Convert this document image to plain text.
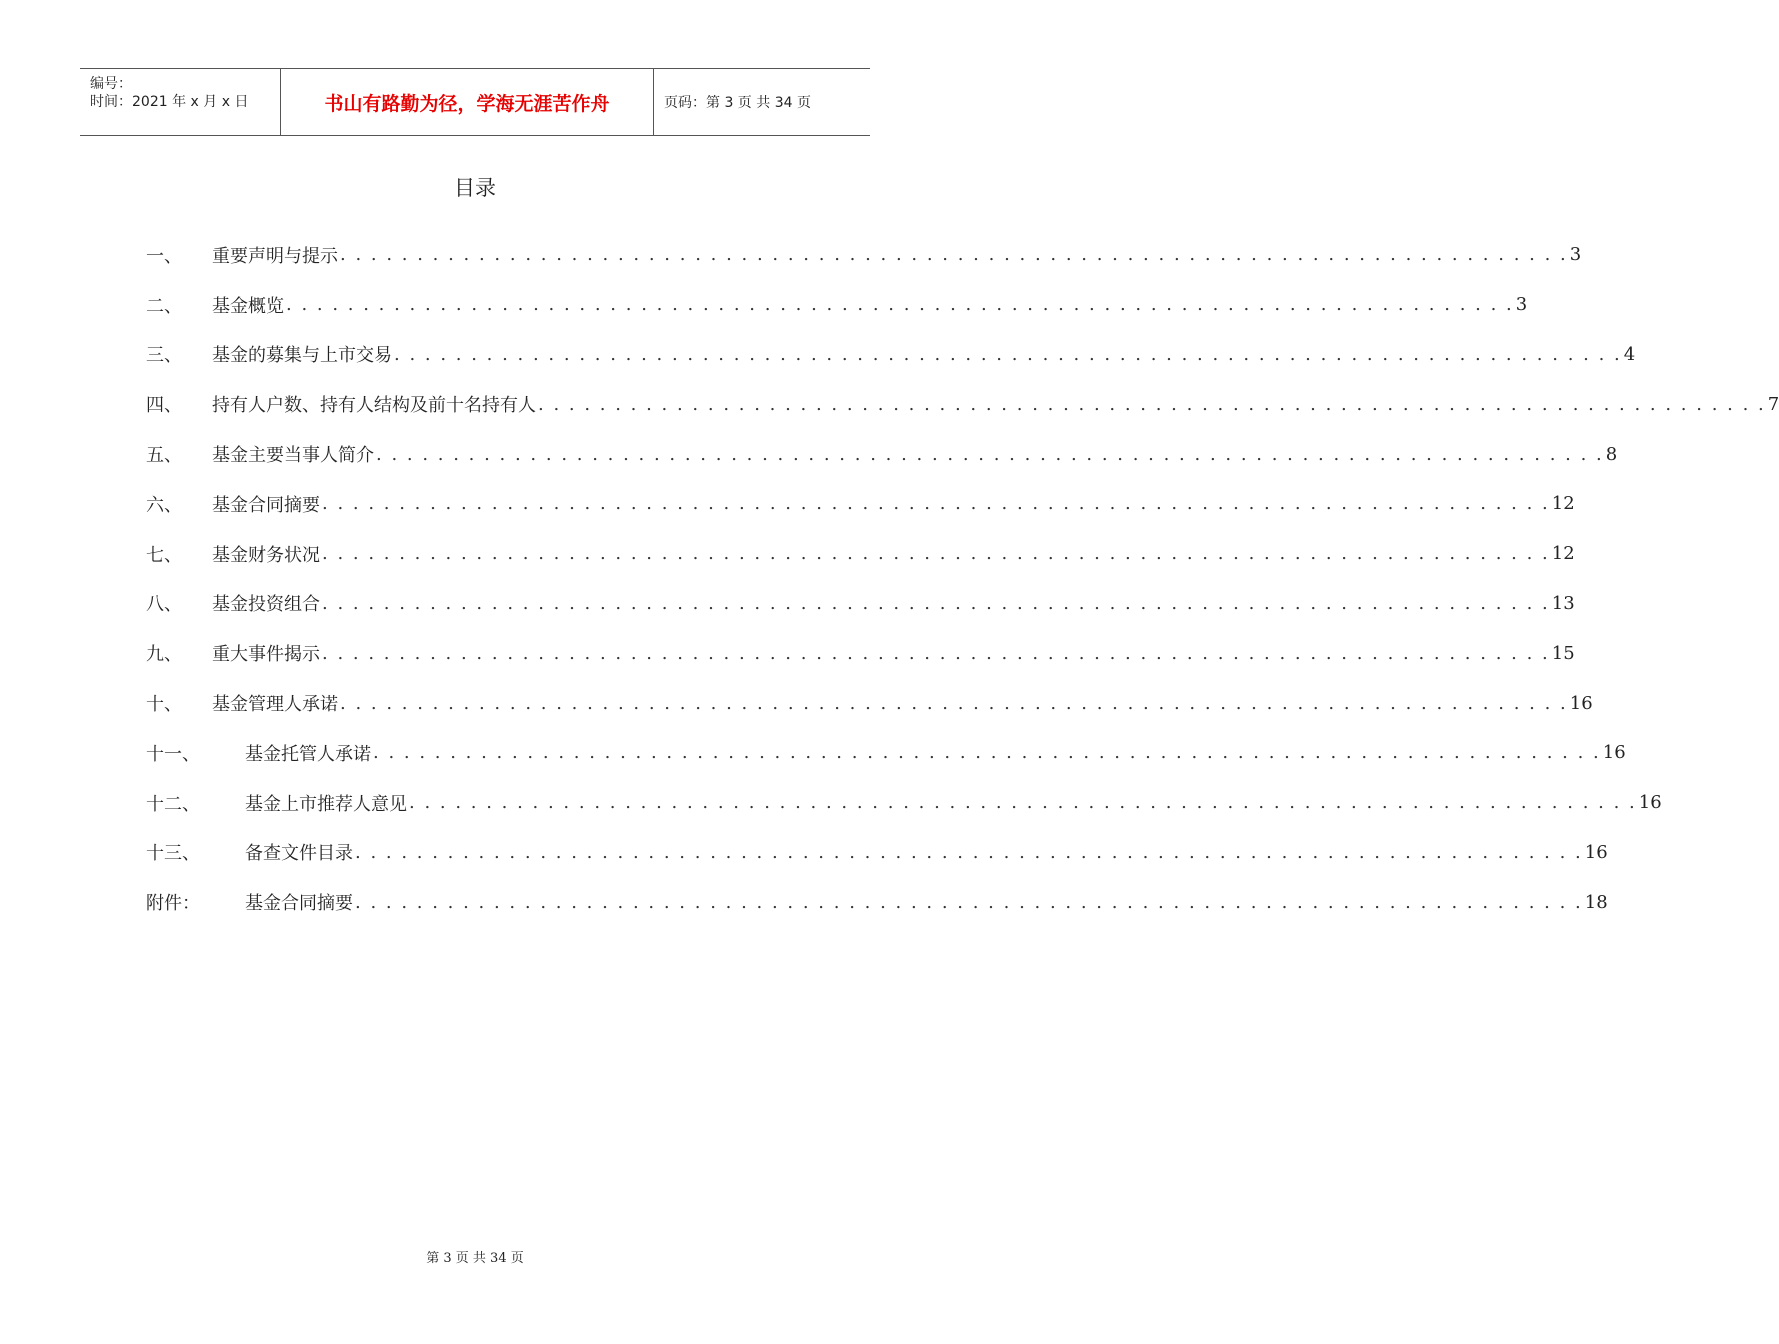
编号：
时间：2021 年 x 月 x 日	书山有路勤为径，学海无涯苦作舟	页码：第 3 页 共 34 页
目录
一、	重要声明与提示 . . . . . . . . . . . . . . . . . . . . . . . . . . . . . . . . . . . . . . . . . . . . . . . . . . . . . . . . . . . . . . . . . . . . . . . . . . . . . . . . 3
二、	基金概览 . . . . . . . . . . . . . . . . . . . . . . . . . . . . . . . . . . . . . . . . . . . . . . . . . . . . . . . . . . . . . . . . . . . . . . . . . . . . . . . . 3
三、	基金的募集与上市交易 . . . . . . . . . . . . . . . . . . . . . . . . . . . . . . . . . . . . . . . . . . . . . . . . . . . . . . . . . . . . . . . . . . . . . . . . . . . . . . . . 4
四、	持有人户数、持有人结构及前十名持有人 . . . . . . . . . . . . . . . . . . . . . . . . . . . . . . . . . . . . . . . . . . . . . . . . . . . . . . . . . . . . . . . . . . . . . . . . . . . . . . . . 7
五、	基金主要当事人简介 . . . . . . . . . . . . . . . . . . . . . . . . . . . . . . . . . . . . . . . . . . . . . . . . . . . . . . . . . . . . . . . . . . . . . . . . . . . . . . . . 8
六、	基金合同摘要 . . . . . . . . . . . . . . . . . . . . . . . . . . . . . . . . . . . . . . . . . . . . . . . . . . . . . . . . . . . . . . . . . . . . . . . . . . . . . . . . 12
七、	基金财务状况 . . . . . . . . . . . . . . . . . . . . . . . . . . . . . . . . . . . . . . . . . . . . . . . . . . . . . . . . . . . . . . . . . . . . . . . . . . . . . . . . 12
八、	基金投资组合 . . . . . . . . . . . . . . . . . . . . . . . . . . . . . . . . . . . . . . . . . . . . . . . . . . . . . . . . . . . . . . . . . . . . . . . . . . . . . . . . 13
九、	重大事件揭示 . . . . . . . . . . . . . . . . . . . . . . . . . . . . . . . . . . . . . . . . . . . . . . . . . . . . . . . . . . . . . . . . . . . . . . . . . . . . . . . . 15
十、	基金管理人承诺 . . . . . . . . . . . . . . . . . . . . . . . . . . . . . . . . . . . . . . . . . . . . . . . . . . . . . . . . . . . . . . . . . . . . . . . . . . . . . . . . 16
十一、	基金托管人承诺 . . . . . . . . . . . . . . . . . . . . . . . . . . . . . . . . . . . . . . . . . . . . . . . . . . . . . . . . . . . . . . . . . . . . . . . . . . . . . . . . 16
十二、	基金上市推荐人意见 . . . . . . . . . . . . . . . . . . . . . . . . . . . . . . . . . . . . . . . . . . . . . . . . . . . . . . . . . . . . . . . . . . . . . . . . . . . . . . . . 16
十三、	备查文件目录 . . . . . . . . . . . . . . . . . . . . . . . . . . . . . . . . . . . . . . . . . . . . . . . . . . . . . . . . . . . . . . . . . . . . . . . . . . . . . . . . 16
附件：	基金合同摘要 . . . . . . . . . . . . . . . . . . . . . . . . . . . . . . . . . . . . . . . . . . . . . . . . . . . . . . . . . . . . . . . . . . . . . . . . . . . . . . . . 18
第 3 页 共 34 页
